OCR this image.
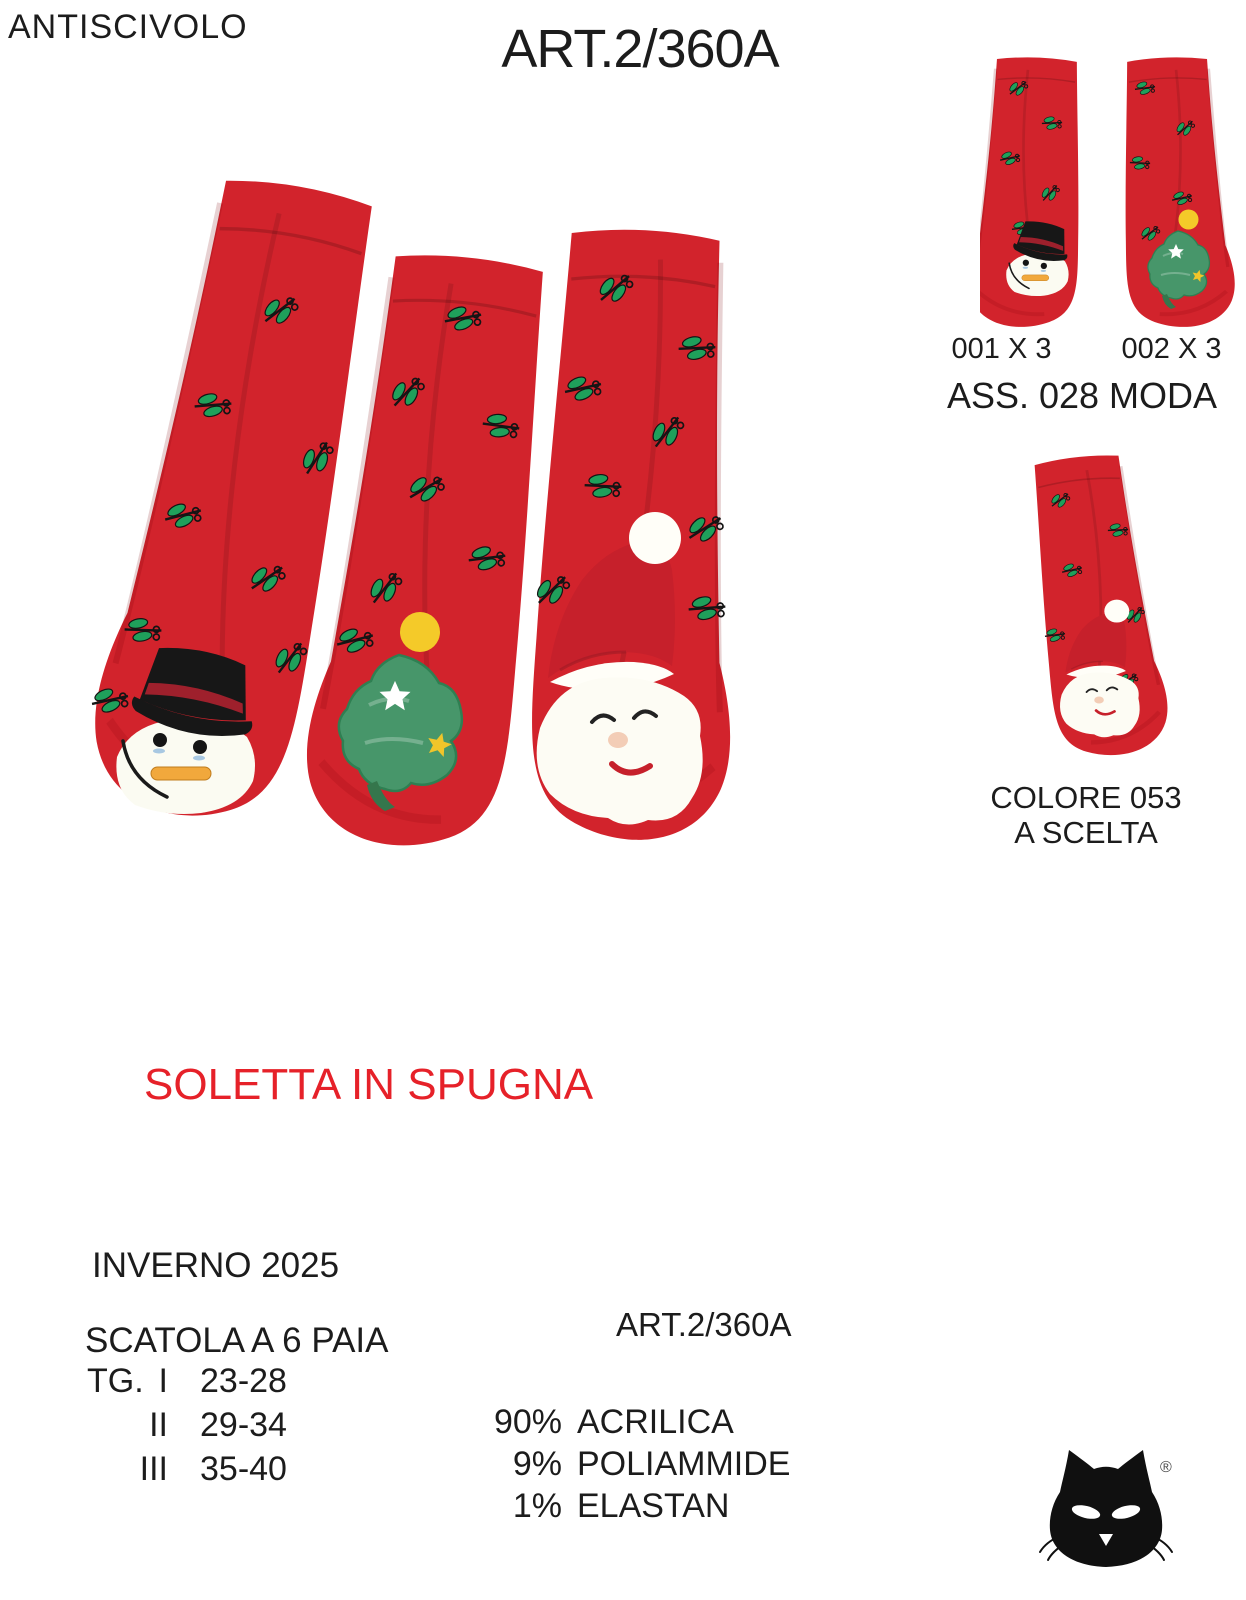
ANTISCIVOLO	ART.2/360A
001 X 3	002 X 3
ASS. 028 MODA
COLORE 053
A SCELTA
SOLETTA IN SPUGNA
INVERNO 2025
SCATOLA A 6 PAIA
TG. I 23-28
II 29-34
III 35-40
ART.2/360A
90% ACRILICA
9% POLIAMMIDE
1% ELASTAN
®
